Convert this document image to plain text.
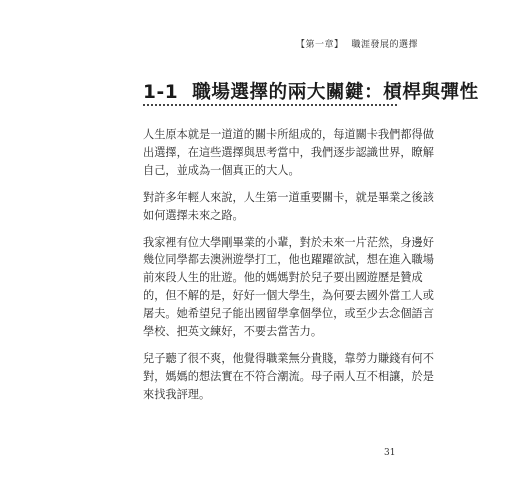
【第一章】 職涯發展的選擇
1-1 職場選擇的兩大關鍵：槓桿與彈性

人生原本就是一道道的關卡所組成的，每道關卡我們都得做
出選擇，在這些選擇與思考當中，我們逐步認識世界，瞭解
自己，並成為一個真正的大人。

對許多年輕人來說，人生第一道重要關卡，就是畢業之後該
如何選擇未來之路。

我家裡有位大學剛畢業的小輩，對於未來一片茫然，身邊好
幾位同學都去澳洲遊學打工，他也躍躍欲試，想在進入職場
前來段人生的壯遊。他的媽媽對於兒子要出國遊歷是贊成
的，但不解的是，好好一個大學生，為何要去國外當工人或
屠夫。她希望兒子能出國留學拿個學位，或至少去念個語言
學校、把英文練好，不要去當苦力。

兒子聽了很不爽，他覺得職業無分貴賤，靠勞力賺錢有何不
對，媽媽的想法實在不符合潮流。母子兩人互不相讓，於是
來找我評理。

31
